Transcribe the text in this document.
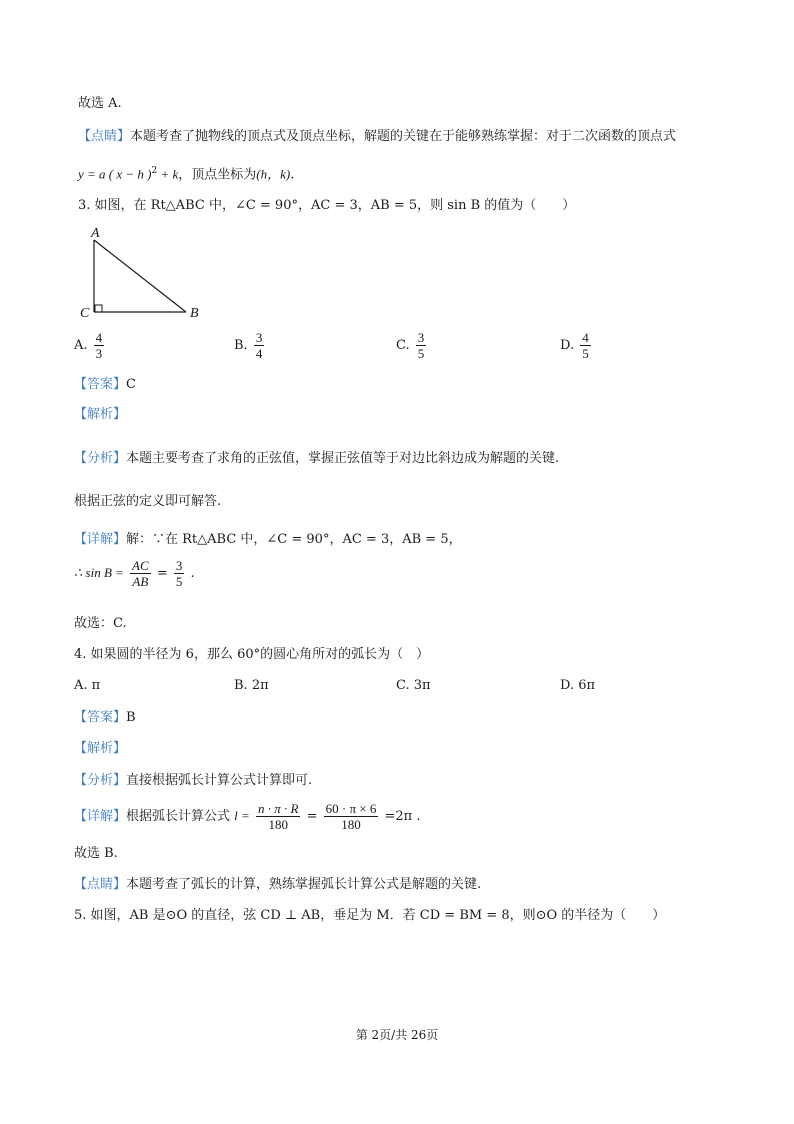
故选 A.
【点睛】本题考查了抛物线的顶点式及顶点坐标，解题的关键在于能够熟练掌握：对于二次函数的顶点式
y = a ( x − h )$^2$ + k，顶点坐标为(h，k).
3. 如图，在 Rt△ABC 中，∠C = 90°，AC = 3，AB = 5，则 sin B 的值为（　　）
A
C	B
A. $\frac{4}{3}$	B. $\frac{3}{4}$	C. $\frac{3}{5}$	D. $\frac{4}{5}$
【答案】C
【解析】
【分析】本题主要考查了求角的正弦值，掌握正弦值等于对边比斜边成为解题的关键.
根据正弦的定义即可解答.
【详解】解：∵在 Rt△ABC 中，∠C = 90°，AC = 3，AB = 5，
∴ $\sin B = \frac{AC}{AB} = \frac{3}{5}$ .
故选：C.
4. 如果圆的半径为 6，那么 60°的圆心角所对的弧长为（　）
A. π	B. 2π	C. 3π	D. 6π
【答案】B
【解析】
【分析】直接根据弧长计算公式计算即可.
【详解】根据弧长计算公式 $l = \frac{n \cdot \pi \cdot R}{180} = \frac{60 \cdot \pi \times 6}{180} =2\pi$ .
故选 B.
【点睛】本题考查了弧长的计算，熟练掌握弧长计算公式是解题的关键.
5. 如图，AB 是⊙O 的直径，弦 CD ⊥ AB，垂足为 M．若 CD = BM = 8，则⊙O 的半径为（　　）
第 2页/共 26页
